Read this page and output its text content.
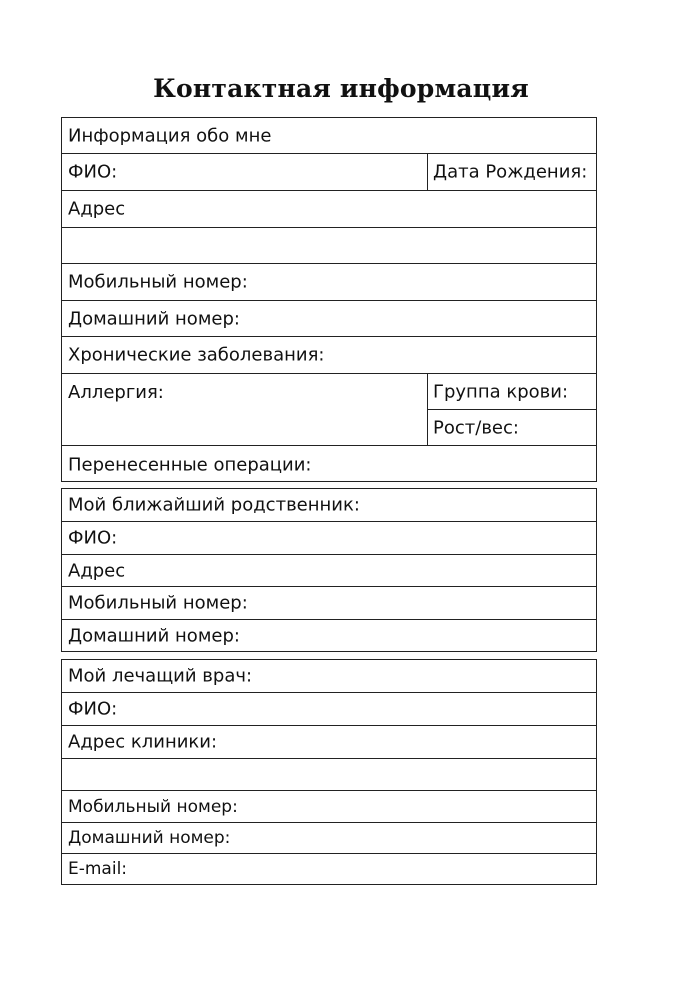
Контактная информация
Информация обо мне
ФИО:	Дата Рождения:
Адрес
Мобильный номер:
Домашний номер:
Хронические заболевания:
Аллергия:	Группа крови:
Рост/вес:
Перенесенные операции:
Мой ближайший родственник:
ФИО:
Адрес
Мобильный номер:
Домашний номер:
Мой лечащий врач:
ФИО:
Адрес клиники:
Мобильный номер:
Домашний номер:
E-mail:
